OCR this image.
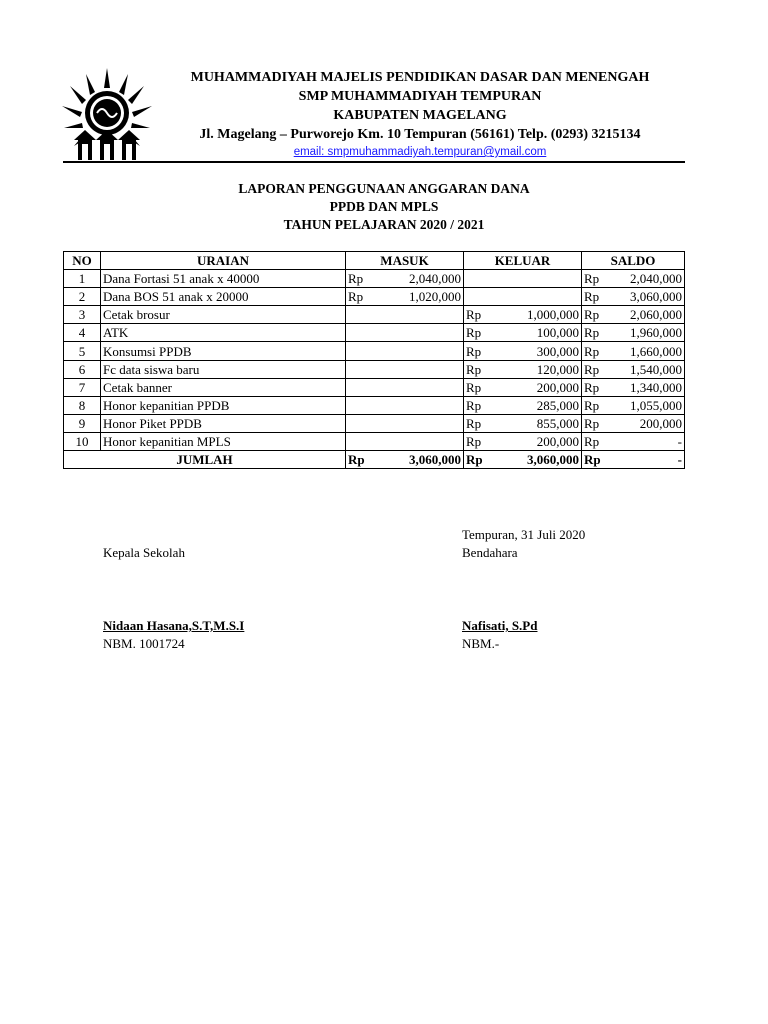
MUHAMMADIYAH MAJELIS PENDIDIKAN DASAR DAN MENENGAH
SMP MUHAMMADIYAH TEMPURAN
KABUPATEN MAGELANG
Jl. Magelang – Purworejo Km. 10 Tempuran (56161) Telp. (0293) 3215134
email: smpmuhammadiyah.tempuran@ymail.com
LAPORAN PENGGUNAAN ANGGARAN DANA
PPDB DAN MPLS
TAHUN PELAJARAN 2020 / 2021
NO	URAIAN	MASUK	KELUAR	SALDO
1	Dana Fortasi 51 anak x 40000	Rp 2,040,000		Rp 2,040,000

2	Dana BOS 51 anak x 20000	Rp 1,020,000		Rp 3,060,000

3	Cetak brosur		Rp 1,000,000	Rp 2,060,000

4	ATK		Rp 100,000	Rp 1,960,000

5	Konsumsi PPDB		Rp 300,000	Rp 1,660,000

6	Fc data siswa baru		Rp 120,000	Rp 1,540,000

7	Cetak banner		Rp 200,000	Rp 1,340,000

8	Honor kepanitian PPDB		Rp 285,000	Rp 1,055,000

9	Honor Piket PPDB		Rp 855,000	Rp 200,000

10	Honor kepanitian MPLS		Rp 200,000	Rp -

JUMLAH		Rp 3,060,000	Rp 3,060,000	Rp -
Tempuran, 31 Juli 2020
Kepala Sekolah	Bendahara
Nidaan Hasana,S.T,M.S.I
NBM. 1001724
Nafisati, S.Pd
NBM.-
